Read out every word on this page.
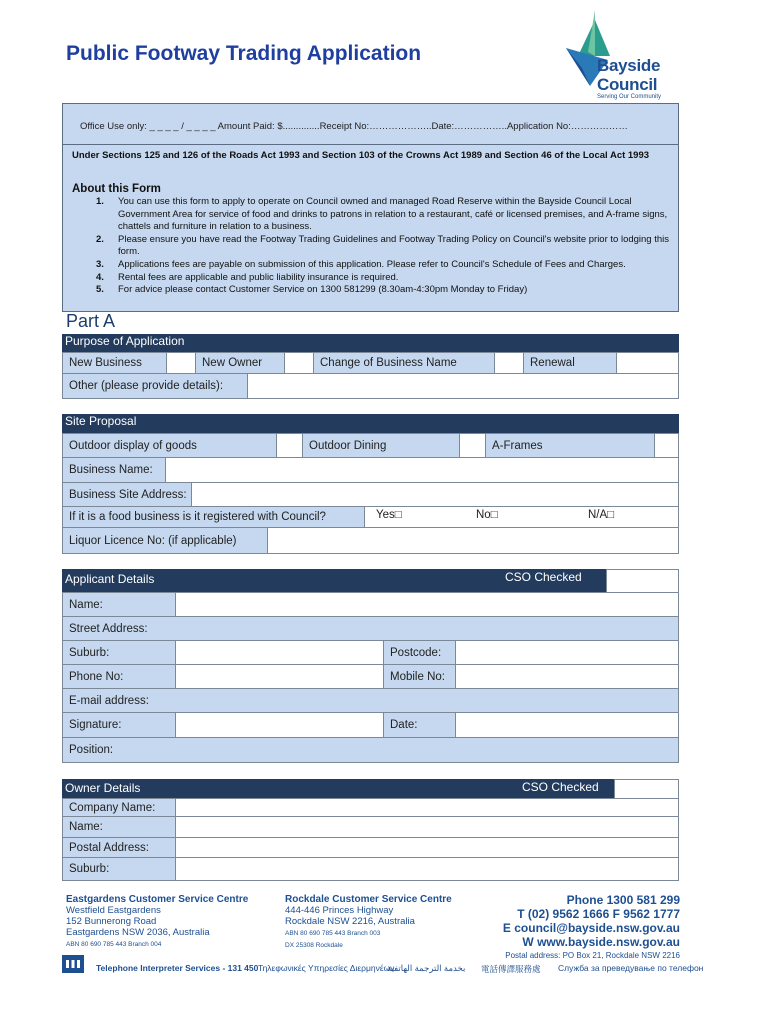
Public Footway Trading Application
Bayside
Council
Serving Our Community
Office Use only: _ _ _ _ / _ _ _ _ Amount Paid: $..............Receipt No:………………..Date:……………..Application No:………………
Under Sections 125 and 126 of the Roads Act 1993 and Section 103 of the Crowns Act 1989 and Section 46 of the Local Act 1993
About this Form
1. You can use this form to apply to operate on Council owned and managed Road Reserve within the Bayside Council Local Government Area for service of food and drinks to patrons in relation to a restaurant, café or licensed premises, and A-frame signs, chattels and furniture in relation to a business.
2. Please ensure you have read the Footway Trading Guidelines and Footway Trading Policy on Council's website prior to lodging this form.
3. Applications fees are payable on submission of this application. Please refer to Council's Schedule of Fees and Charges.
4. Rental fees are applicable and public liability insurance is required.
5. For advice please contact Customer Service on 1300 581299 (8.30am-4:30pm Monday to Friday)
Part A
Purpose of Application
New Business	New Owner	Change of Business Name	Renewal
Other (please provide details):
Site Proposal
Outdoor display of goods	Outdoor Dining	A-Frames
Business Name:
Business Site Address:
If it is a food business is it registered with Council?	Yes□	No□	N/A□
Liquor Licence No: (if applicable)
Applicant Details	CSO Checked
Name:
Street Address:
Suburb:	Postcode:
Phone No:	Mobile No:
E-mail address:
Signature:	Date:
Position:
Owner Details	CSO Checked
Company Name:
Name:
Postal Address:
Suburb:
Eastgardens Customer Service Centre
Westfield Eastgardens
152 Bunnerong Road
Eastgardens NSW 2036, Australia
ABN 80 690 785 443 Branch 004
Rockdale Customer Service Centre
444-446 Princes Highway
Rockdale NSW 2216, Australia
ABN 80 690 785 443 Branch 003
DX 25308 Rockdale
Phone 1300 581 299
T (02) 9562 1666 F 9562 1777
E council@bayside.nsw.gov.au
W www.bayside.nsw.gov.au
Postal address: PO Box 21, Rockdale NSW 2216
Telephone Interpreter Services - 131 450 Τηλεφωνικές Υπηρεσίες Διερμηνέων
بخدمة الترجمة الهاتفية 電話傳譯服務處 Служба за преведување по телефон
